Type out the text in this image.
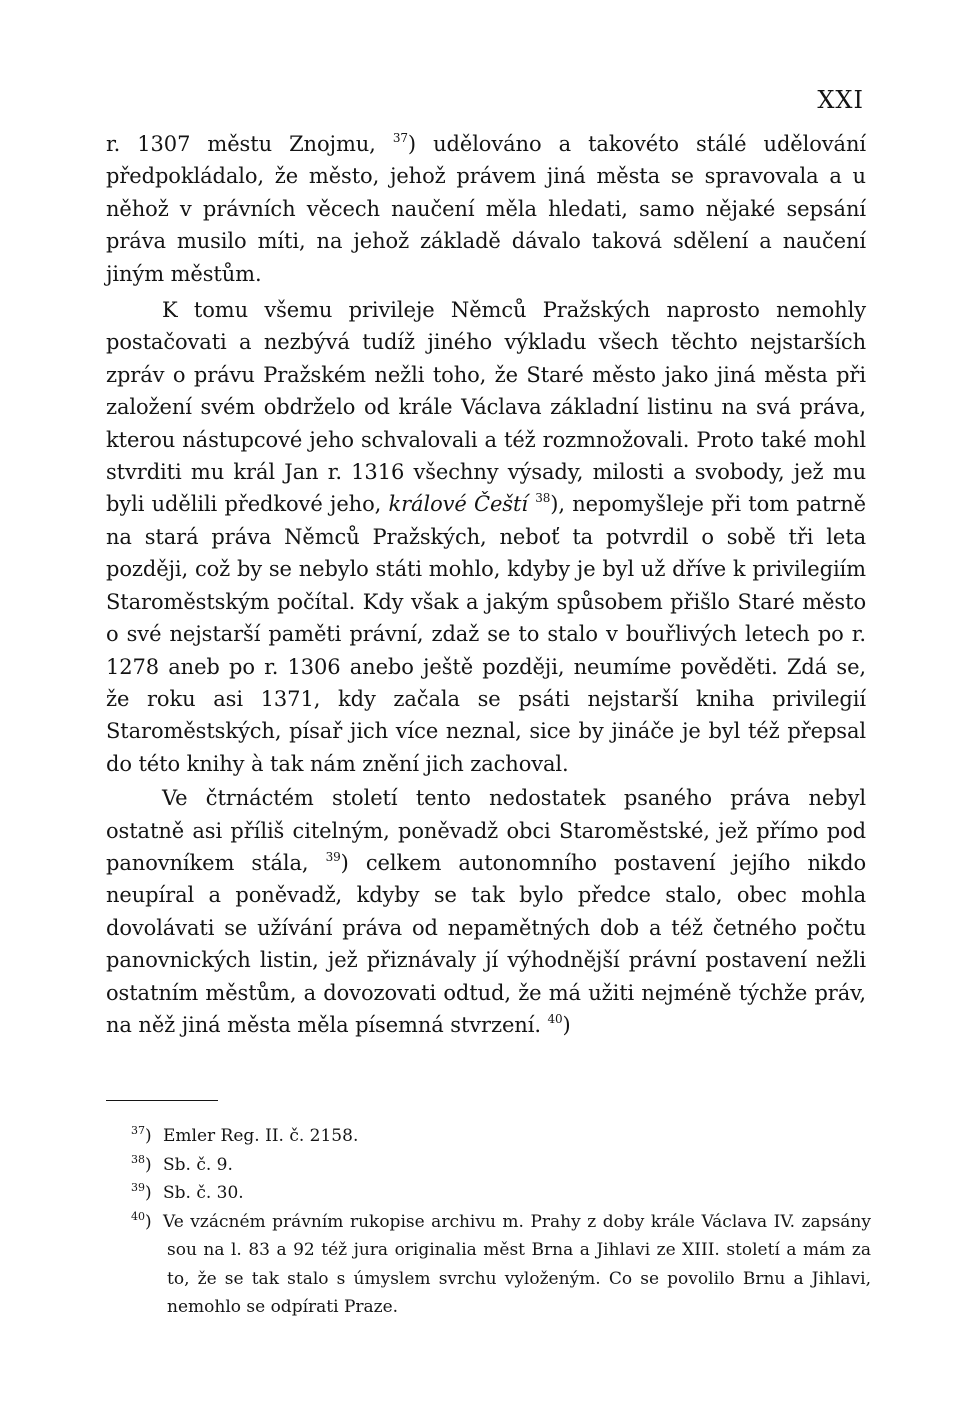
XXI

r. 1307 městu Znojmu, $^{37}$) udělováno a takovéto stálé udělování předpokládalo, že město, jehož právem jiná města se spravovala a u něhož v právních věcech naučení měla hledati, samo nějaké sepsání práva musilo míti, na jehož základě dávalo taková sdělení a naučení jiným městům.

K tomu všemu privileje Němců Pražských naprosto nemohly postačovati a nezbývá tudíž jiného výkladu všech těchto nejstarších zpráv o právu Pražském nežli toho, že Staré město jako jiná města při založení svém obdrželo od krále Václava základní listinu na svá práva, kterou nástupcové jeho schvalovali a též rozmnožovali. Proto také mohl stvrditi mu král Jan r. 1316 všechny výsady, milosti a svobody, jež mu byli udělili předkové jeho, králové Čeští $^{38}$), nepomyšleje při tom patrně na stará práva Němců Pražských, neboť ta potvrdil o sobě tři leta později, což by se nebylo státi mohlo, kdyby je byl už dříve k privilegiím Staroměstským počítal. Kdy však a jakým spůsobem přišlo Staré město o své nejstarší paměti právní, zdaž se to stalo v bouřlivých letech po r. 1278 aneb po r. 1306 anebo ještě později, neumíme pověděti. Zdá se, že roku asi 1371, kdy začala se psáti nejstarší kniha privilegií Staroměstských, písař jich více neznal, sice by jináče je byl též přepsal do této knihy à tak nám znění jich zachoval.

Ve čtrnáctém století tento nedostatek psaného práva nebyl ostatně asi příliš citelným, poněvadž obci Staroměstské, jež přímo pod panovníkem stála, $^{39}$) celkem autonomního postavení jejího nikdo neupíral a poněvadž, kdyby se tak bylo předce stalo, obec mohla dovolávati se užívání práva od nepamětných dob a též četného počtu panovnických listin, jež přiznávaly jí výhodnější právní postavení nežli ostatním městům, a dovozovati odtud, že má užiti nejméně týchže práv, na něž jiná města měla písemná stvrzení. $^{40}$)

$^{37}$) Emler Reg. II. č. 2158.

$^{38}$) Sb. č. 9.

$^{39}$) Sb. č. 30.

$^{40}$) Ve vzácném právním rukopise archivu m. Prahy z doby krále Václava IV. zapsány sou na l. 83 a 92 též jura originalia měst Brna a Jihlavi ze XIII. století a mám za to, že se tak stalo s úmyslem svrchu vyloženým. Co se povolilo Brnu a Jihlavi, nemohlo se odpírati Praze.
